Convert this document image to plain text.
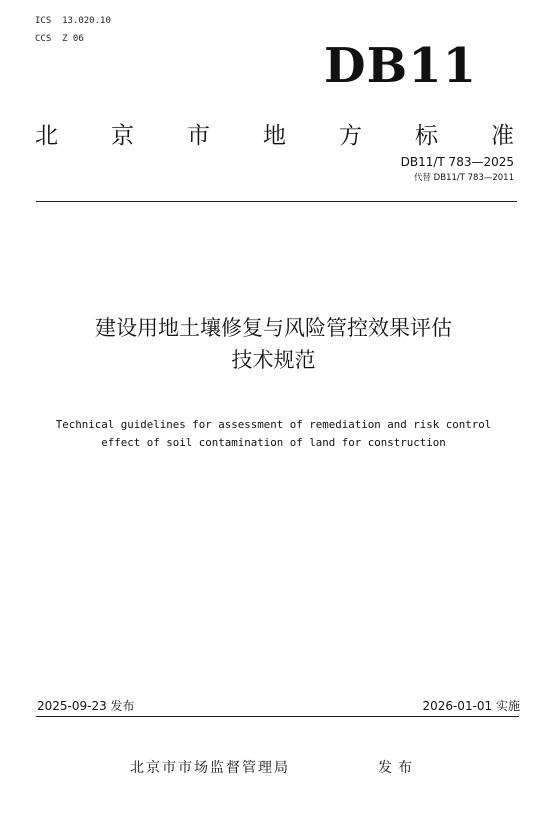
ICS  13.020.10
CCS  Z 06	DB11
北 京 市 地 方 标 准
DB11/T 783—2025
代替 DB11/T 783—2011
建设用地土壤修复与风险管控效果评估
技术规范
Technical guidelines for assessment of remediation and risk control
effect of soil contamination of land for construction
2025-09-23 发布	2026-01-01 实施
北京市市场监督管理局	发布
